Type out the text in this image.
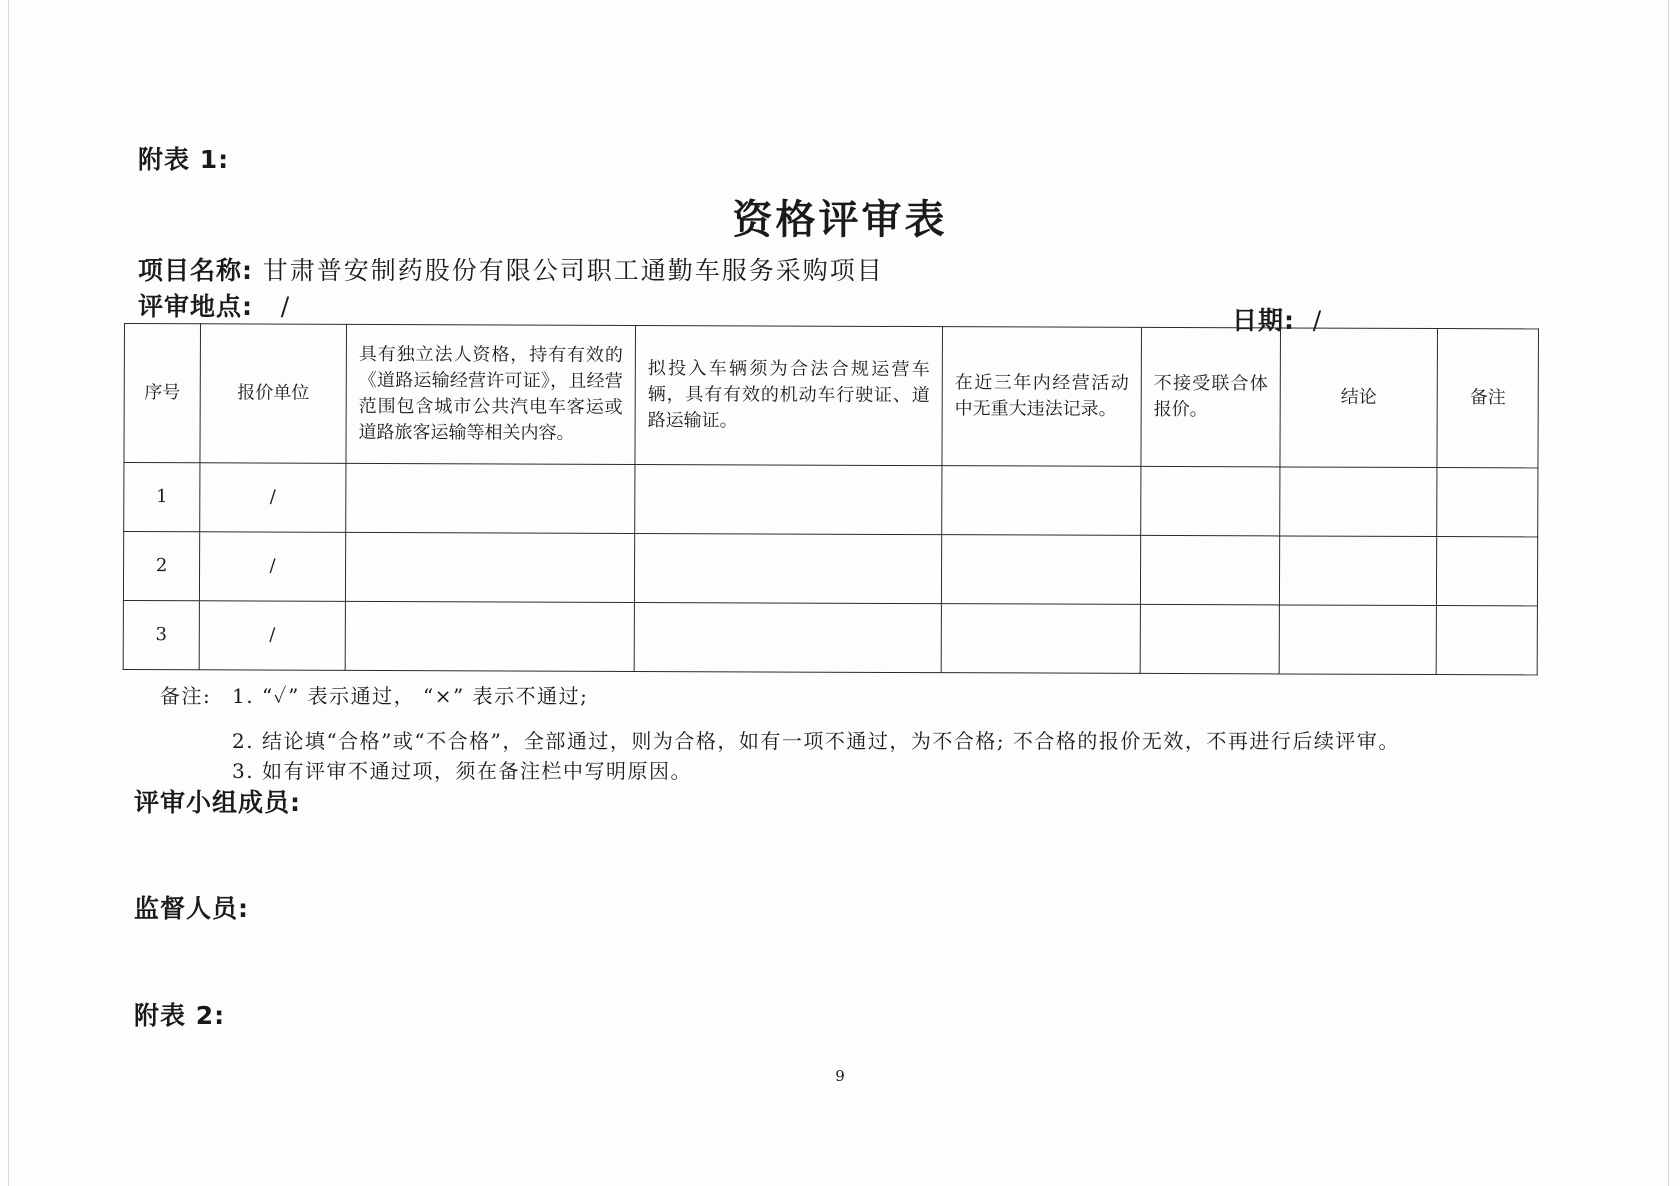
附表 1:
资格评审表
项目名称: 甘肃普安制药股份有限公司职工通勤车服务采购项目
评审地点: /	日期: /
序号	报价单位	具有独立法人资格，持有有效的《道路运输经营许可证》，且经营范围包含城市公共汽电车客运或道路旅客运输等相关内容。	拟投入车辆须为合法合规运营车辆，具有有效的机动车行驶证、道路运输证。	在近三年内经营活动中无重大违法记录。	不接受联合体报价。	结论	备注
1	/						
2	/						
3	/						
备注: 1. “✓” 表示通过， “×” 表示不通过;
2. 结论填“合格”或“不合格”，全部通过，则为合格，如有一项不通过，为不合格; 不合格的报价无效，不再进行后续评审。
3. 如有评审不通过项，须在备注栏中写明原因。
评审小组成员:
监督人员:
附表 2:
9
